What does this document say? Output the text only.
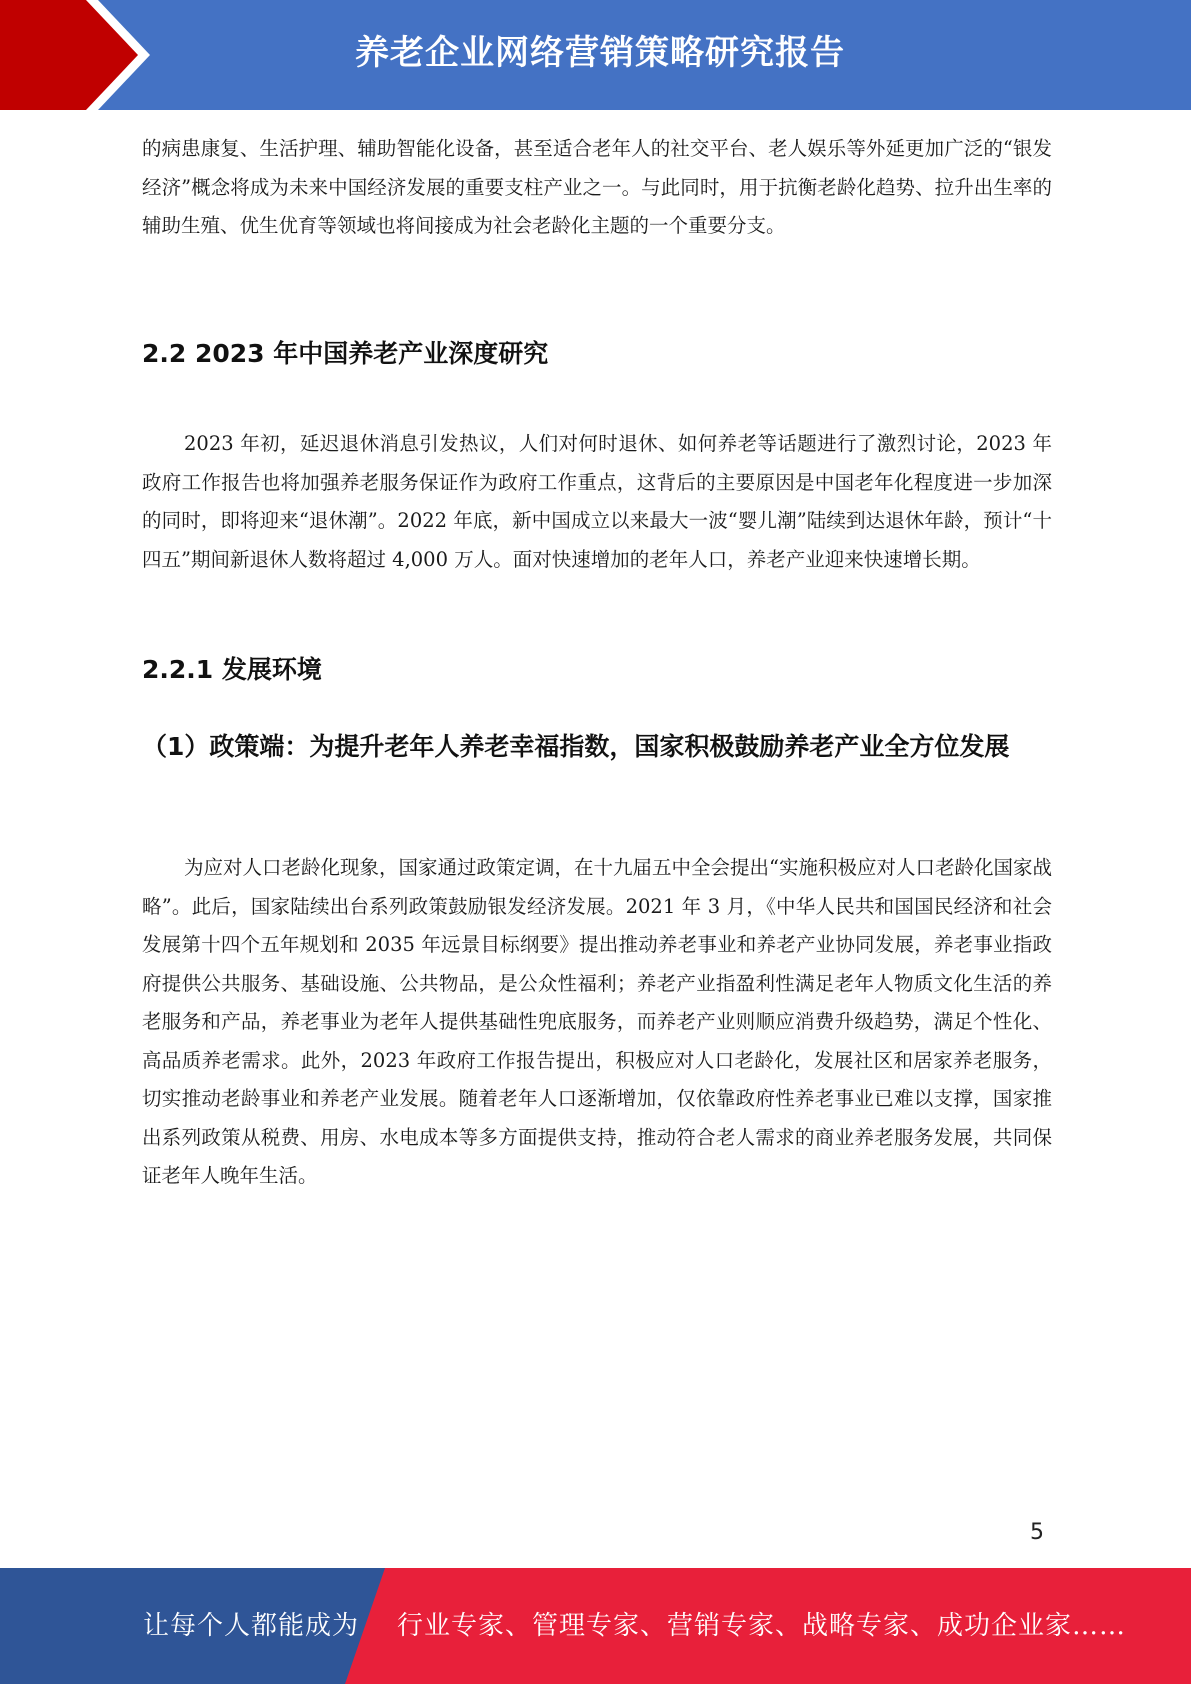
养老企业网络营销策略研究报告

的病患康复、生活护理、辅助智能化设备，甚至适合老年人的社交平台、老人娱乐等外延更加广泛的“银发经济”概念将成为未来中国经济发展的重要支柱产业之一。与此同时，用于抗衡老龄化趋势、拉升出生率的辅助生殖、优生优育等领域也将间接成为社会老龄化主题的一个重要分支。

2.2 2023 年中国养老产业深度研究

2023 年初，延迟退休消息引发热议，人们对何时退休、如何养老等话题进行了激烈讨论，2023 年政府工作报告也将加强养老服务保证作为政府工作重点，这背后的主要原因是中国老年化程度进一步加深的同时，即将迎来“退休潮”。2022 年底，新中国成立以来最大一波“婴儿潮”陆续到达退休年龄，预计“十四五”期间新退休人数将超过 4,000 万人。面对快速增加的老年人口，养老产业迎来快速增长期。

2.2.1 发展环境
（1）政策端：为提升老年人养老幸福指数，国家积极鼓励养老产业全方位发展

为应对人口老龄化现象，国家通过政策定调，在十九届五中全会提出“实施积极应对人口老龄化国家战略”。此后，国家陆续出台系列政策鼓励银发经济发展。2021 年 3 月，《中华人民共和国国民经济和社会发展第十四个五年规划和 2035 年远景目标纲要》提出推动养老事业和养老产业协同发展，养老事业指政府提供公共服务、基础设施、公共物品，是公众性福利；养老产业指盈利性满足老年人物质文化生活的养老服务和产品，养老事业为老年人提供基础性兜底服务，而养老产业则顺应消费升级趋势，满足个性化、高品质养老需求。此外，2023 年政府工作报告提出，积极应对人口老龄化，发展社区和居家养老服务，切实推动老龄事业和养老产业发展。随着老年人口逐渐增加，仅依靠政府性养老事业已难以支撑，国家推出系列政策从税费、用房、水电成本等多方面提供支持，推动符合老人需求的商业养老服务发展，共同保证老年人晚年生活。

5
让每个人都能成为 行业专家、管理专家、营销专家、战略专家、成功企业家……
